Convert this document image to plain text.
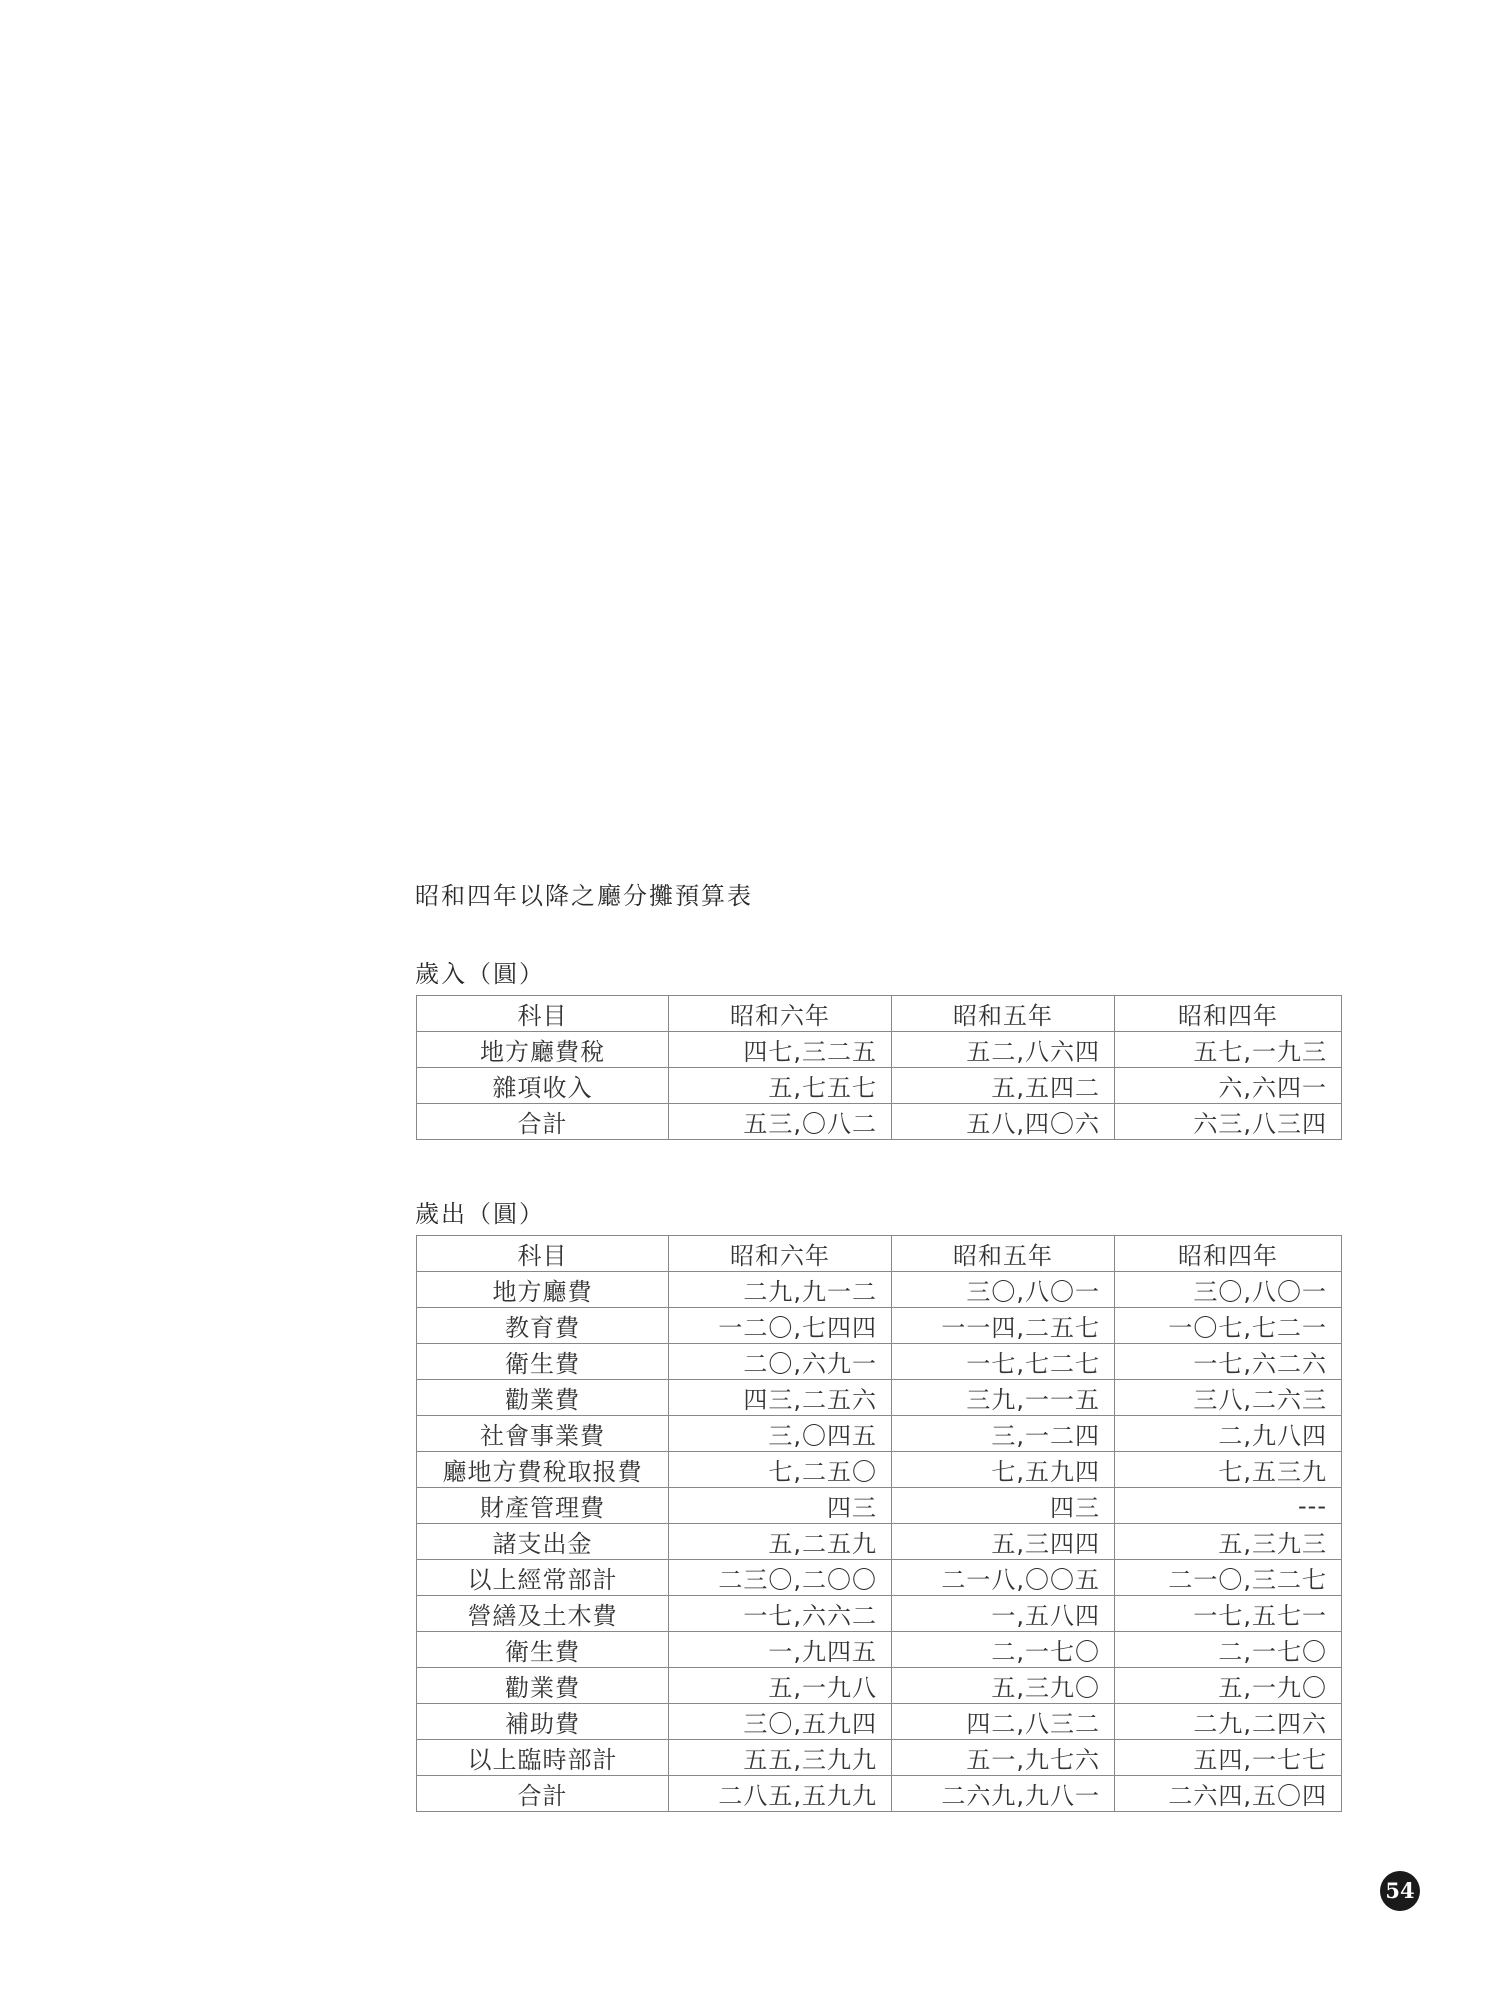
昭和四年以降之廳分攤預算表
歲入（圓）
科目	昭和六年	昭和五年	昭和四年
地方廳費稅	四七,三二五	五二,八六四	五七,一九三
雜項收入	五,七五七	五,五四二	六,六四一
合計	五三,〇八二	五八,四〇六	六三,八三四
歲出（圓）
科目	昭和六年	昭和五年	昭和四年
地方廳費	二九,九一二	三〇,八〇一	三〇,八〇一
教育費	一二〇,七四四	一一四,二五七	一〇七,七二一
衛生費	二〇,六九一	一七,七二七	一七,六二六
勸業費	四三,二五六	三九,一一五	三八,二六三
社會事業費	三,〇四五	三,一二四	二,九八四
廳地方費稅取报費	七,二五〇	七,五九四	七,五三九
財產管理費	四三	四三	---
諸支出金	五,二五九	五,三四四	五,三九三
以上經常部計	二三〇,二〇〇	二一八,〇〇五	二一〇,三二七
營繕及土木費	一七,六六二	一,五八四	一七,五七一
衛生費	一,九四五	二,一七〇	二,一七〇
勸業費	五,一九八	五,三九〇	五,一九〇
補助費	三〇,五九四	四二,八三二	二九,二四六
以上臨時部計	五五,三九九	五一,九七六	五四,一七七
合計	二八五,五九九	二六九,九八一	二六四,五〇四
54
